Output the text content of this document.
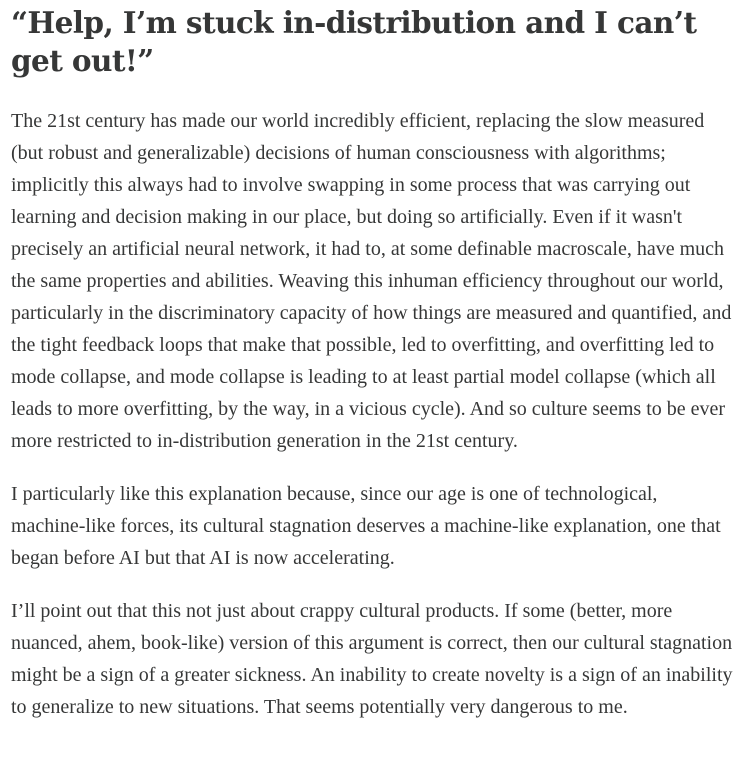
“Help, I’m stuck in-distribution and I can’t get out!”

The 21st century has made our world incredibly efficient, replacing the slow measured (but robust and generalizable) decisions of human consciousness with algorithms; implicitly this always had to involve swapping in some process that was carrying out learning and decision making in our place, but doing so artificially. Even if it wasn't precisely an artificial neural network, it had to, at some definable macroscale, have much the same properties and abilities. Weaving this inhuman efficiency throughout our world, particularly in the discriminatory capacity of how things are measured and quantified, and the tight feedback loops that make that possible, led to overfitting, and overfitting led to mode collapse, and mode collapse is leading to at least partial model collapse (which all leads to more overfitting, by the way, in a vicious cycle). And so culture seems to be ever more restricted to in-distribution generation in the 21st century.

I particularly like this explanation because, since our age is one of technological, machine-like forces, its cultural stagnation deserves a machine-like explanation, one that began before AI but that AI is now accelerating.

I’ll point out that this not just about crappy cultural products. If some (better, more nuanced, ahem, book-like) version of this argument is correct, then our cultural stagnation might be a sign of a greater sickness. An inability to create novelty is a sign of an inability to generalize to new situations. That seems potentially very dangerous to me.
